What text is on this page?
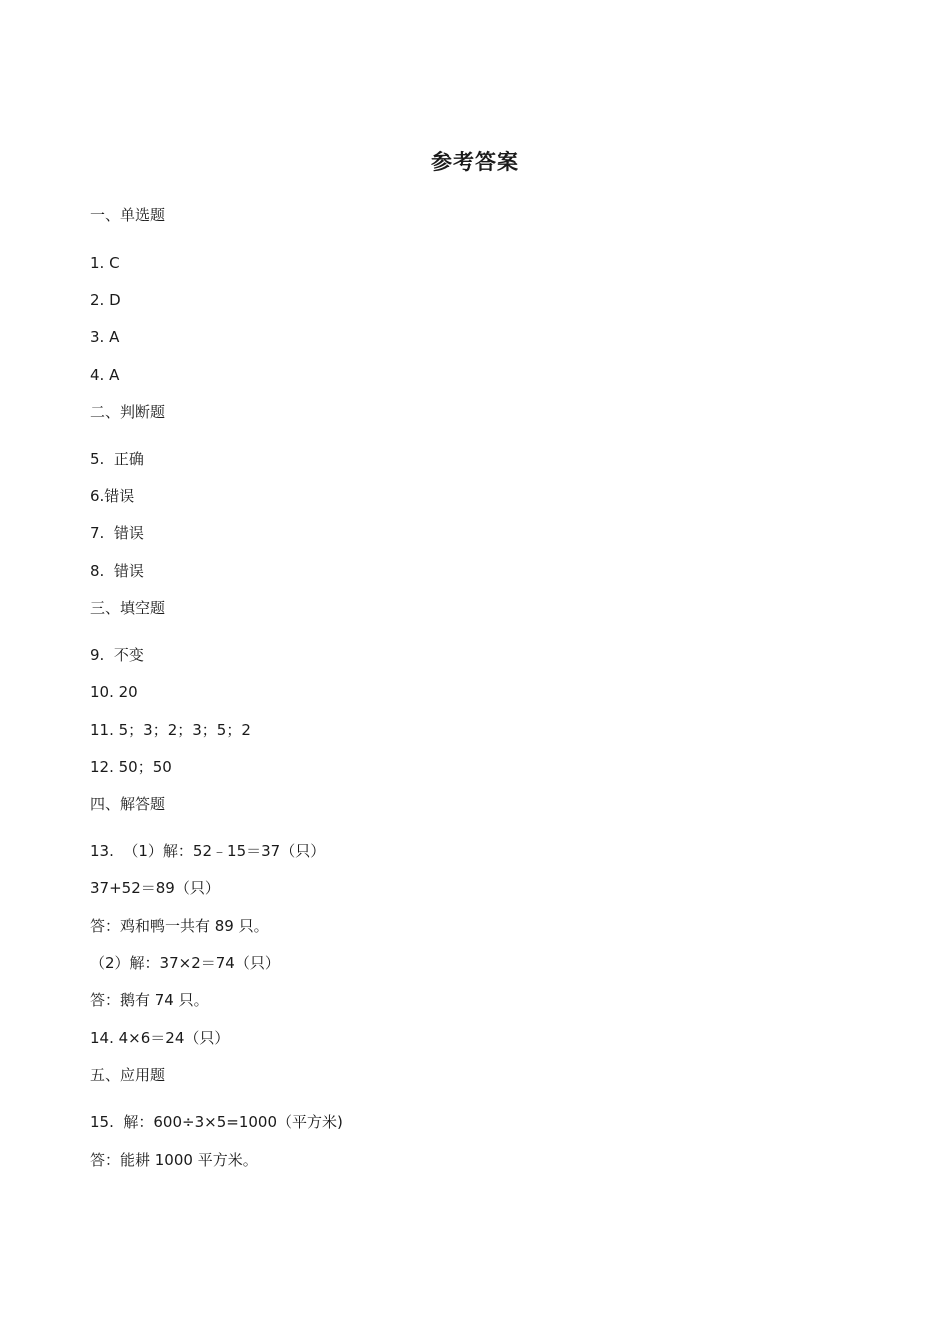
参考答案
一、单选题
1. C
2. D
3. A
4. A
二、判断题
5.  正确
6.错误
7.  错误
8.  错误
三、填空题
9.  不变
10. 20
11. 5；3；2；3；5；2
12. 50；50
四、解答题
13.  （1）解：52﹣15＝37（只）
37+52＝89（只）
答：鸡和鸭一共有 89 只。
（2）解：37×2＝74（只）
答：鹅有 74 只。
14. 4×6＝24（只）
五、应用题
15.  解：600÷3×5=1000（平方米)
答：能耕 1000 平方米。
